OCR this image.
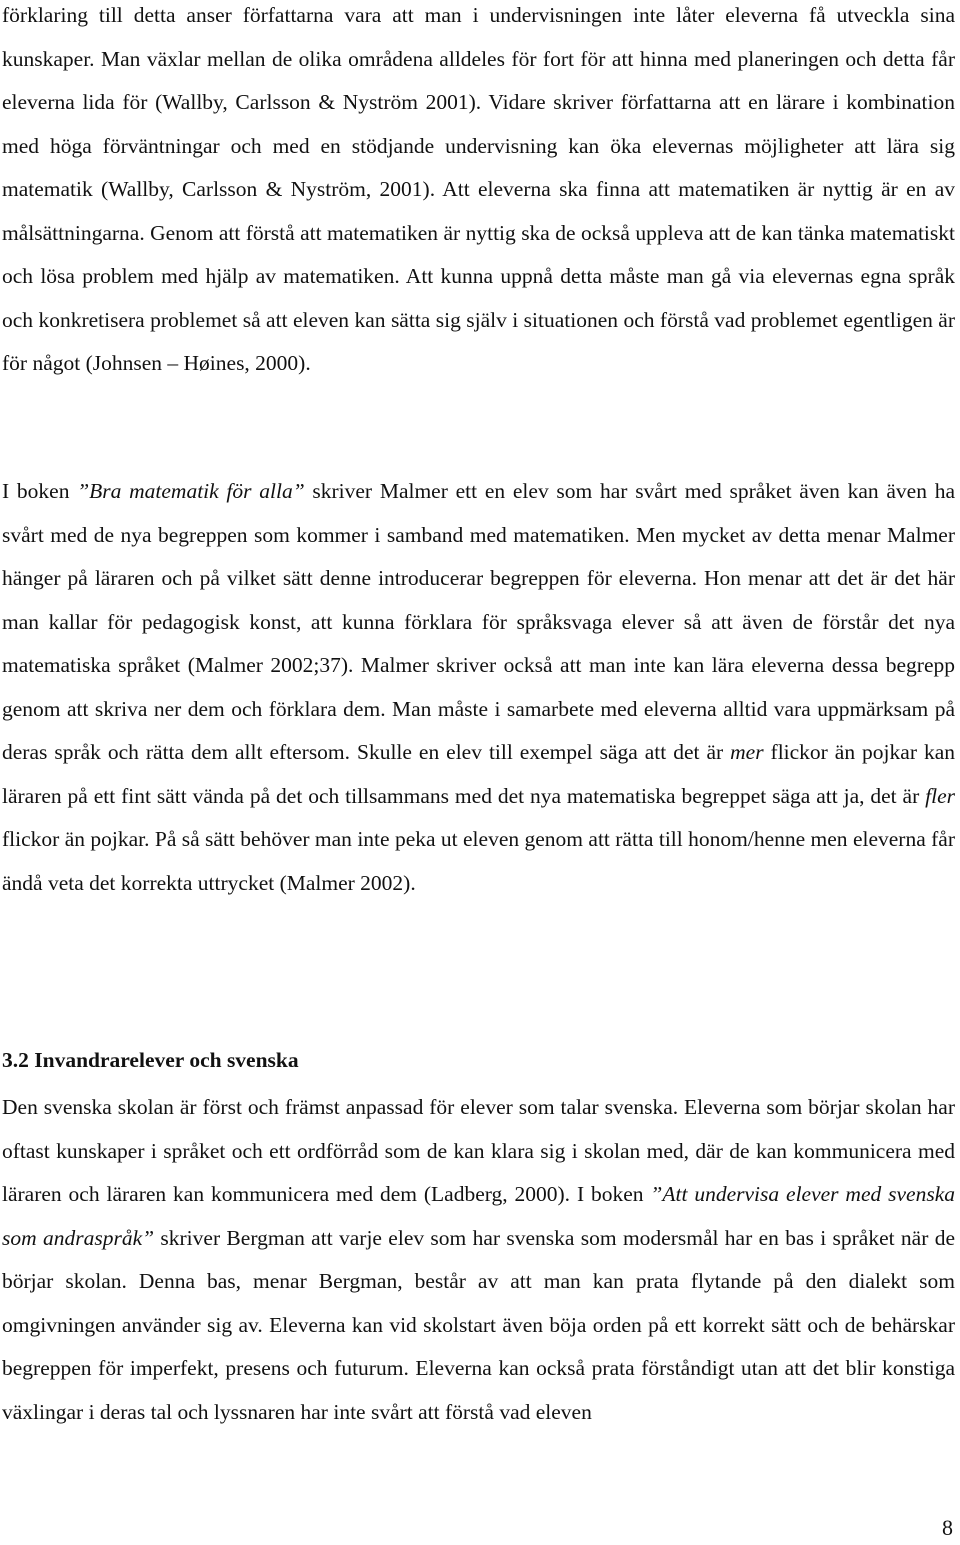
förklaring till detta anser författarna vara att man i undervisningen inte låter eleverna få utveckla sina kunskaper. Man växlar mellan de olika områdena alldeles för fort för att hinna med planeringen och detta får eleverna lida för (Wallby, Carlsson & Nyström 2001). Vidare skriver författarna att en lärare i kombination med höga förväntningar och med en stödjande undervisning kan öka elevernas möjligheter att lära sig matematik (Wallby, Carlsson & Nyström, 2001). Att eleverna ska finna att matematiken är nyttig är en av målsättningarna. Genom att förstå att matematiken är nyttig ska de också uppleva att de kan tänka matematiskt och lösa problem med hjälp av matematiken. Att kunna uppnå detta måste man gå via elevernas egna språk och konkretisera problemet så att eleven kan sätta sig själv i situationen och förstå vad problemet egentligen är för något (Johnsen – Høines, 2000).

I boken ”Bra matematik för alla” skriver Malmer ett en elev som har svårt med språket även kan även ha svårt med de nya begreppen som kommer i samband med matematiken. Men mycket av detta menar Malmer hänger på läraren och på vilket sätt denne introducerar begreppen för eleverna. Hon menar att det är det här man kallar för pedagogisk konst, att kunna förklara för språksvaga elever så att även de förstår det nya matematiska språket (Malmer 2002;37). Malmer skriver också att man inte kan lära eleverna dessa begrepp genom att skriva ner dem och förklara dem. Man måste i samarbete med eleverna alltid vara uppmärksam på deras språk och rätta dem allt eftersom. Skulle en elev till exempel säga att det är mer flickor än pojkar kan läraren på ett fint sätt vända på det och tillsammans med det nya matematiska begreppet säga att ja, det är fler flickor än pojkar. På så sätt behöver man inte peka ut eleven genom att rätta till honom/henne men eleverna får ändå veta det korrekta uttrycket (Malmer 2002).

3.2 Invandrarelever och svenska

Den svenska skolan är först och främst anpassad för elever som talar svenska. Eleverna som börjar skolan har oftast kunskaper i språket och ett ordförråd som de kan klara sig i skolan med, där de kan kommunicera med läraren och läraren kan kommunicera med dem (Ladberg, 2000). I boken ”Att undervisa elever med svenska som andraspråk” skriver Bergman att varje elev som har svenska som modersmål har en bas i språket när de börjar skolan. Denna bas, menar Bergman, består av att man kan prata flytande på den dialekt som omgivningen använder sig av. Eleverna kan vid skolstart även böja orden på ett korrekt sätt och de behärskar begreppen för imperfekt, presens och futurum. Eleverna kan också prata förståndigt utan att det blir konstiga växlingar i deras tal och lyssnaren har inte svårt att förstå vad eleven

8
